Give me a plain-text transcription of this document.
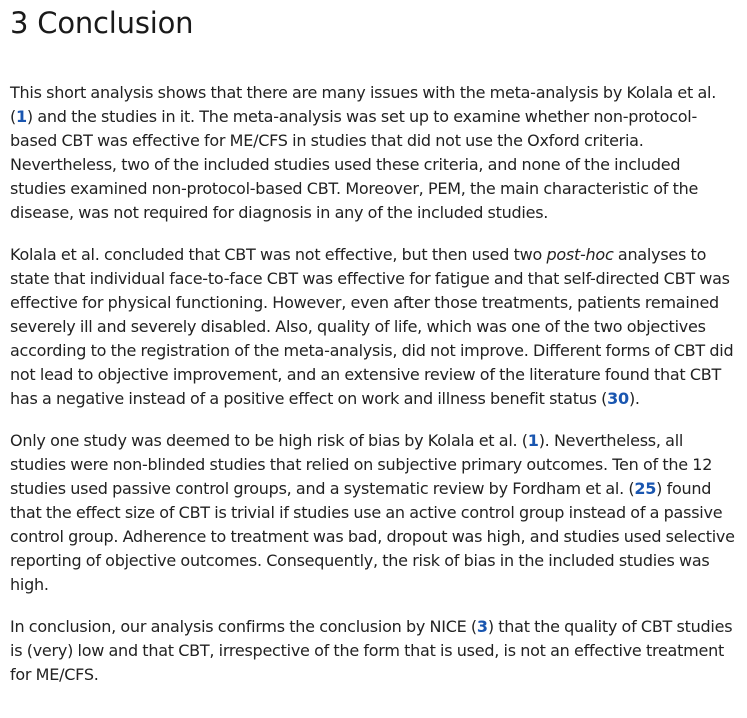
3 Conclusion

This short analysis shows that there are many issues with the meta-analysis by Kolala et al. (1) and the studies in it. The meta-analysis was set up to examine whether non-protocol-based CBT was effective for ME/CFS in studies that did not use the Oxford criteria. Nevertheless, two of the included studies used these criteria, and none of the included studies examined non-protocol-based CBT. Moreover, PEM, the main characteristic of the disease, was not required for diagnosis in any of the included studies.

Kolala et al. concluded that CBT was not effective, but then used two post-hoc analyses to state that individual face-to-face CBT was effective for fatigue and that self-directed CBT was effective for physical functioning. However, even after those treatments, patients remained severely ill and severely disabled. Also, quality of life, which was one of the two objectives according to the registration of the meta-analysis, did not improve. Different forms of CBT did not lead to objective improvement, and an extensive review of the literature found that CBT has a negative instead of a positive effect on work and illness benefit status (30).

Only one study was deemed to be high risk of bias by Kolala et al. (1). Nevertheless, all studies were non-blinded studies that relied on subjective primary outcomes. Ten of the 12 studies used passive control groups, and a systematic review by Fordham et al. (25) found that the effect size of CBT is trivial if studies use an active control group instead of a passive control group. Adherence to treatment was bad, dropout was high, and studies used selective reporting of objective outcomes. Consequently, the risk of bias in the included studies was high.

In conclusion, our analysis confirms the conclusion by NICE (3) that the quality of CBT studies is (very) low and that CBT, irrespective of the form that is used, is not an effective treatment for ME/CFS.
